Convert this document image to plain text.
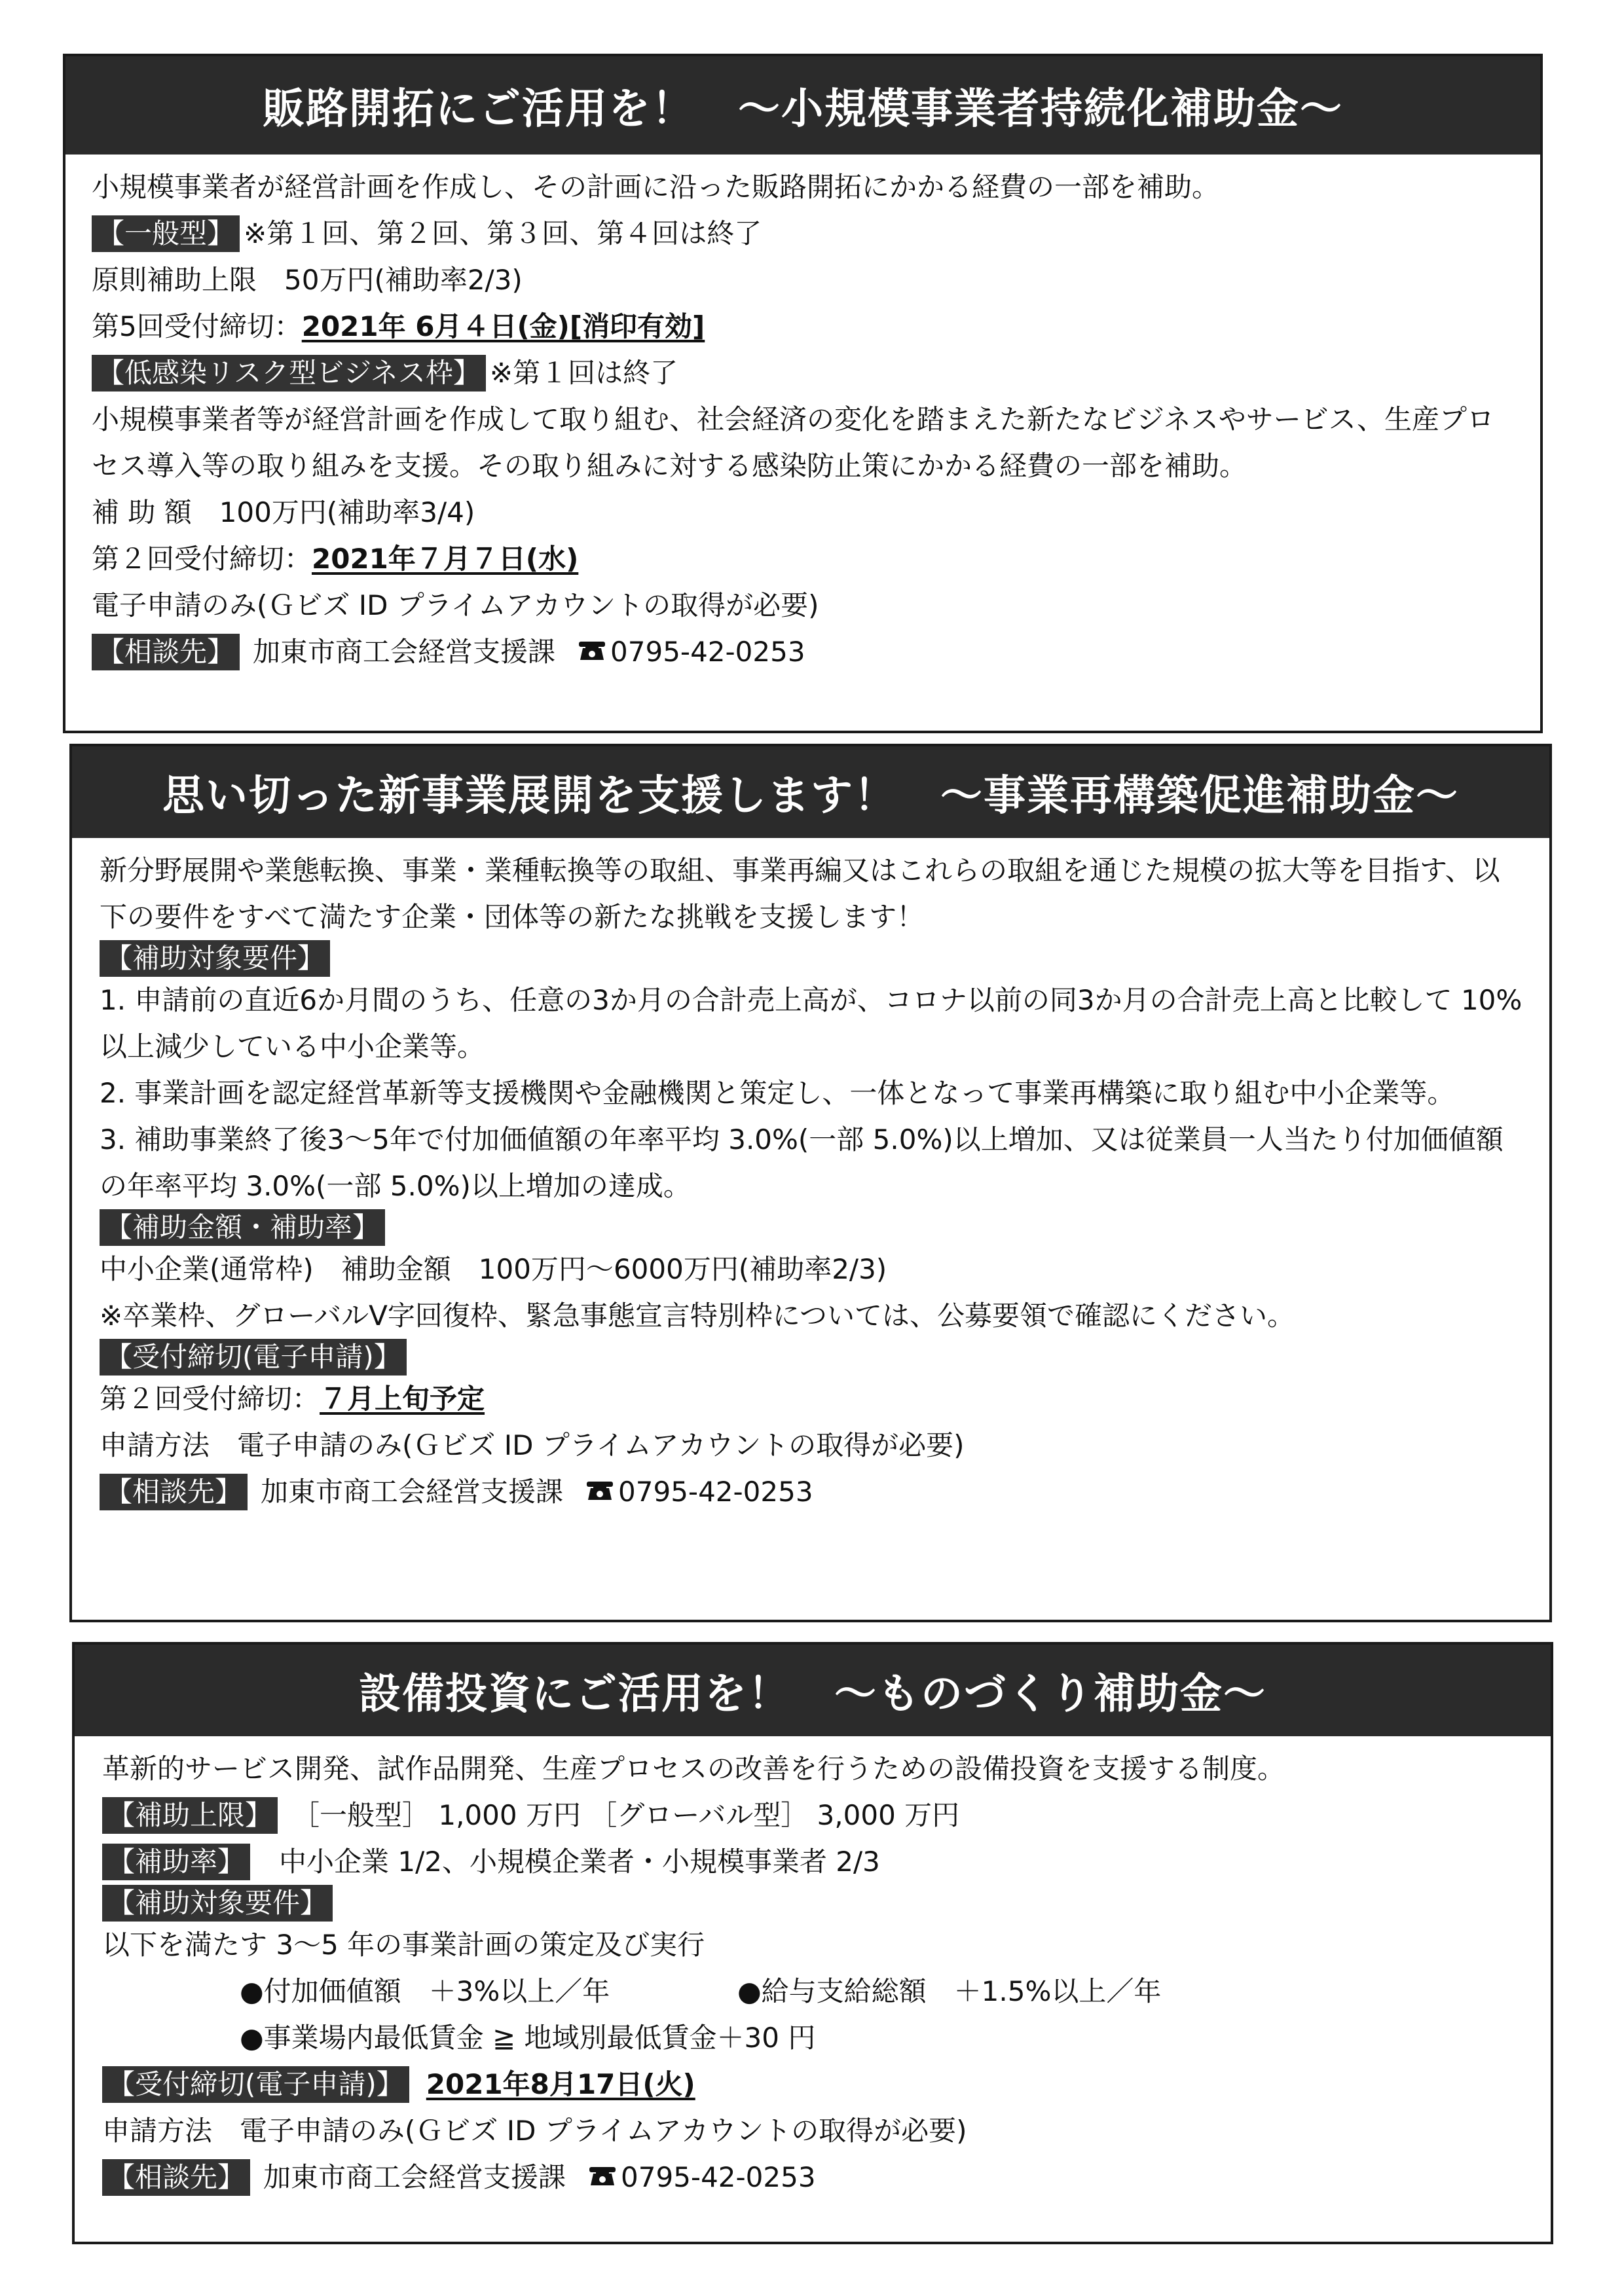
販路開拓にご活用を！　～小規模事業者持続化補助金～
小規模事業者が経営計画を作成し、その計画に沿った販路開拓にかかる経費の一部を補助。
【一般型】 ※第１回、第２回、第３回、第４回は終了
原則補助上限　50万円(補助率2/3)
第5回受付締切： 2021年 6月４日(金)[消印有効]
【低感染リスク型ビジネス枠】 ※第１回は終了
小規模事業者等が経営計画を作成して取り組む、社会経済の変化を踏まえた新たなビジネスやサービス、生産プロセス導入等の取り組みを支援。その取り組みに対する感染防止策にかかる経費の一部を補助。
補 助 額　100万円(補助率3/4)
第２回受付締切： 2021年７月７日(水)
電子申請のみ(Ｇビズ ID プライムアカウントの取得が必要)
【相談先】 加東市商工会経営支援課 0795-42-0253
思い切った新事業展開を支援します！　～事業再構築促進補助金～
新分野展開や業態転換、事業・業種転換等の取組、事業再編又はこれらの取組を通じた規模の拡大等を目指す、以下の要件をすべて満たす企業・団体等の新たな挑戦を支援します！
【補助対象要件】
1. 申請前の直近6か月間のうち、任意の3か月の合計売上高が、コロナ以前の同3か月の合計売上高と比較して 10%以上減少している中小企業等。
2. 事業計画を認定経営革新等支援機関や金融機関と策定し、一体となって事業再構築に取り組む中小企業等。
3. 補助事業終了後3～5年で付加価値額の年率平均 3.0%(一部 5.0%)以上増加、又は従業員一人当たり付加価値額の年率平均 3.0%(一部 5.0%)以上増加の達成。
【補助金額・補助率】
中小企業(通常枠)　補助金額　100万円～6000万円(補助率2/3)
※卒業枠、グローバルV字回復枠、緊急事態宣言特別枠については、公募要領で確認にください。
【受付締切(電子申請)】
第２回受付締切： ７月上旬予定
申請方法　電子申請のみ(Ｇビズ ID プライムアカウントの取得が必要)
【相談先】 加東市商工会経営支援課 0795-42-0253
設備投資にご活用を！　～ものづくり補助金～
革新的サービス開発、試作品開発、生産プロセスの改善を行うための設備投資を支援する制度。
【補助上限】 ［一般型］ 1,000 万円 ［グローバル型］ 3,000 万円
【補助率】 中小企業 1/2、小規模企業者・小規模事業者 2/3
【補助対象要件】
以下を満たす 3～5 年の事業計画の策定及び実行
●付加価値額　＋3%以上／年	●給与支給総額　＋1.5%以上／年
●事業場内最低賃金 ≧ 地域別最低賃金＋30 円
【受付締切(電子申請)】 2021年8月17日(火)
申請方法　電子申請のみ(Ｇビズ ID プライムアカウントの取得が必要)
【相談先】 加東市商工会経営支援課 0795-42-0253
